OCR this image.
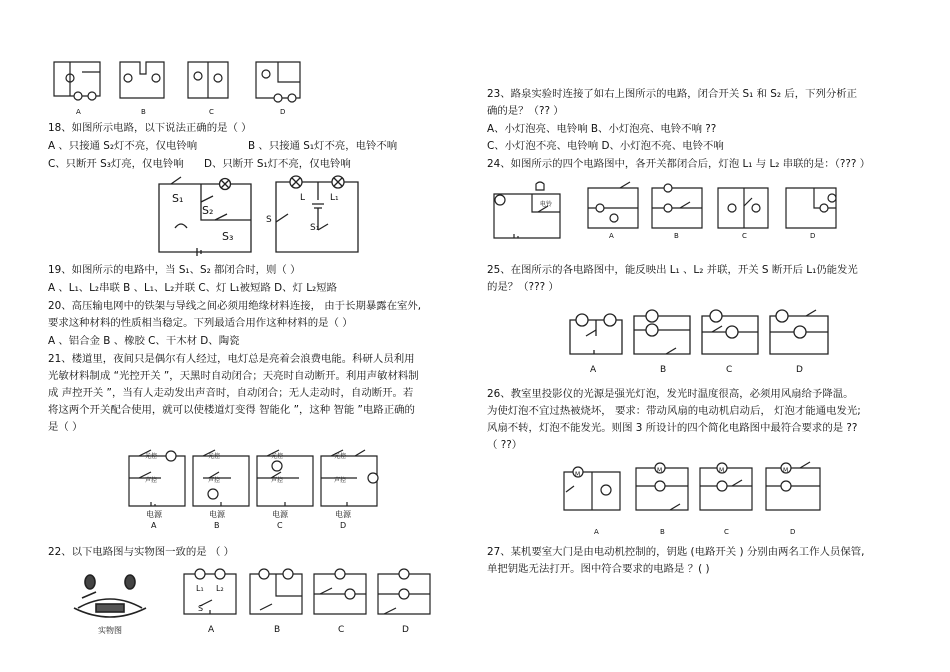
A	B	C	D
18、如图所示电路，以下说法正确的是（ ）
A 、只接通 S₂灯不亮，仅电铃响	B 、只接通 S₁灯不亮，电铃不响
C、只断开 S₃灯亮，仅电铃响 D、只断开 S₁灯不亮，仅电铃响
S₁
S₂
S₃
L
S
S₁
L₁
19、如图所示的电路中，当 S₁、S₂ 都闭合时，则（ ）
A 、L₁、L₂串联 B 、L₁、L₂并联 C、灯 L₁被短路 D、灯 L₂短路
20、高压输电网中的铁架与导线之间必须用绝缘材料连接， 由于长期暴露在室外,
要求这种材料的性质相当稳定。下列最适合用作这种材料的是（ ）
A 、铝合金 B 、橡胶 C、干木材 D、陶瓷
21、楼道里，夜间只是偶尔有人经过，电灯总是亮着会浪费电能。科研人员利用
光敏材料制成 “光控开关 ”，天黑时自动闭合；天亮时自动断开。利用声敏材料制
成 声控开关 ”，当有人走动发出声音时，自动闭合；无人走动时，自动断开。若
将这两个开关配合使用，就可以使楼道灯变得 智能化 ”，这种 智能 ”电路正确的
是（ ）
光控
声控
光控
声控
光控
声控
光控
声控
电源	电源	电源	电源
A	B	C	D
22、以下电路图与实物图一致的是 （ ）
实物图	A	B	C	D
L₁ L₂
S
23、路泉实验时连接了如右上图所示的电路，闭合开关 S₁ 和 S₂ 后，下列分析正
确的是？（?? ）
A、小灯泡亮、电铃响 B、小灯泡亮、电铃不响 ??
C、小灯泡不亮、电铃响 D、小灯泡不亮、电铃不响
24、如图所示的四个电路图中，各开关都闭合后，灯泡 L₁ 与 L₂ 串联的是：（??? ）
电铃
A	B	C	D
25、在图所示的各电路图中，能反映出 L₁ 、L₂ 并联，开关 S 断开后 L₁仍能发光
的是？（??? ）
A	B	C	D
26、教室里投影仪的光源是强光灯泡，发光时温度很高，必须用风扇给予降温。
为使灯泡不宜过热被烧坏， 要求：带动风扇的电动机启动后， 灯泡才能通电发光;
风扇不转，灯泡不能发光。则图 3 所设计的四个简化电路图中最符合要求的是 ??
（ ??）
M
M	M	M
A	B	C	D
27、某机要室大门是由电动机控制的，钥匙 (电路开关 ) 分别由两名工作人员保管,
单把钥匙无法打开。图中符合要求的电路是 ？( )
